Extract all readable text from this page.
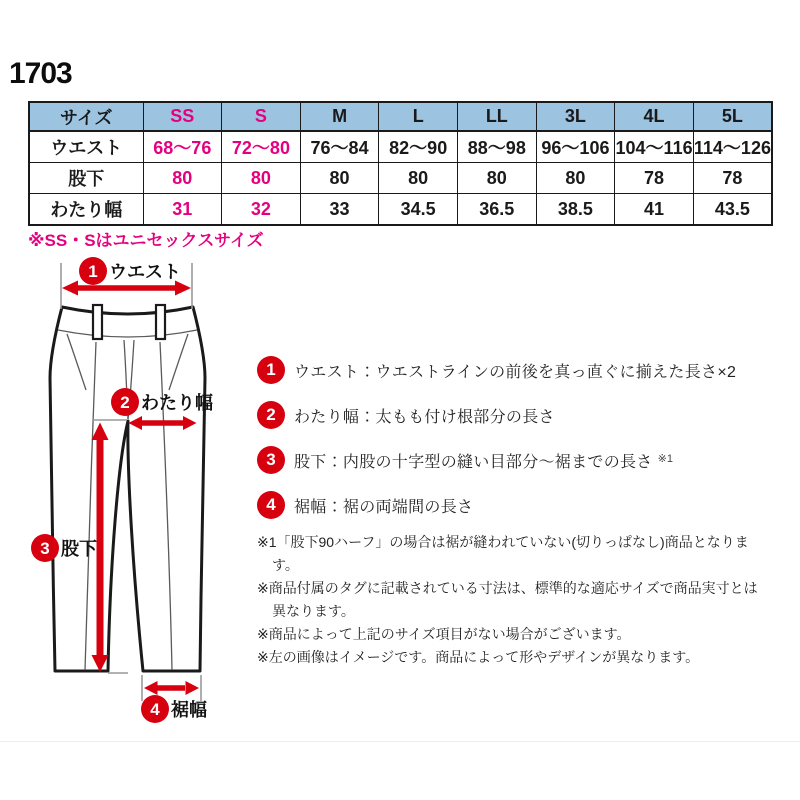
1703
サイズ	SS	S	M	L	LL	3L	4L	5L
ウエスト	68～76	72～80	76～84	82～90	88～98	96～106	104～116	114～126
股下	80	80	80	80	80	80	78	78
わたり幅	31	32	33	34.5	36.5	38.5	41	43.5
※SS・Sはユニセックスサイズ
1 ウエスト
2 わたり幅
3 股下
4 裾幅
1	ウエスト：ウエストラインの前後を真っ直ぐに揃えた長さ×2
2	わたり幅：太もも付け根部分の長さ
3	股下：内股の十字型の縫い目部分～裾までの長さ ※1
4	裾幅：裾の両端間の長さ
※1「股下90ハーフ」の場合は裾が縫われていない(切りっぱなし)商品となります。
※商品付属のタグに記載されている寸法は、標準的な適応サイズで商品実寸とは異なります。
※商品によって上記のサイズ項目がない場合がございます。
※左の画像はイメージです。商品によって形やデザインが異なります。
